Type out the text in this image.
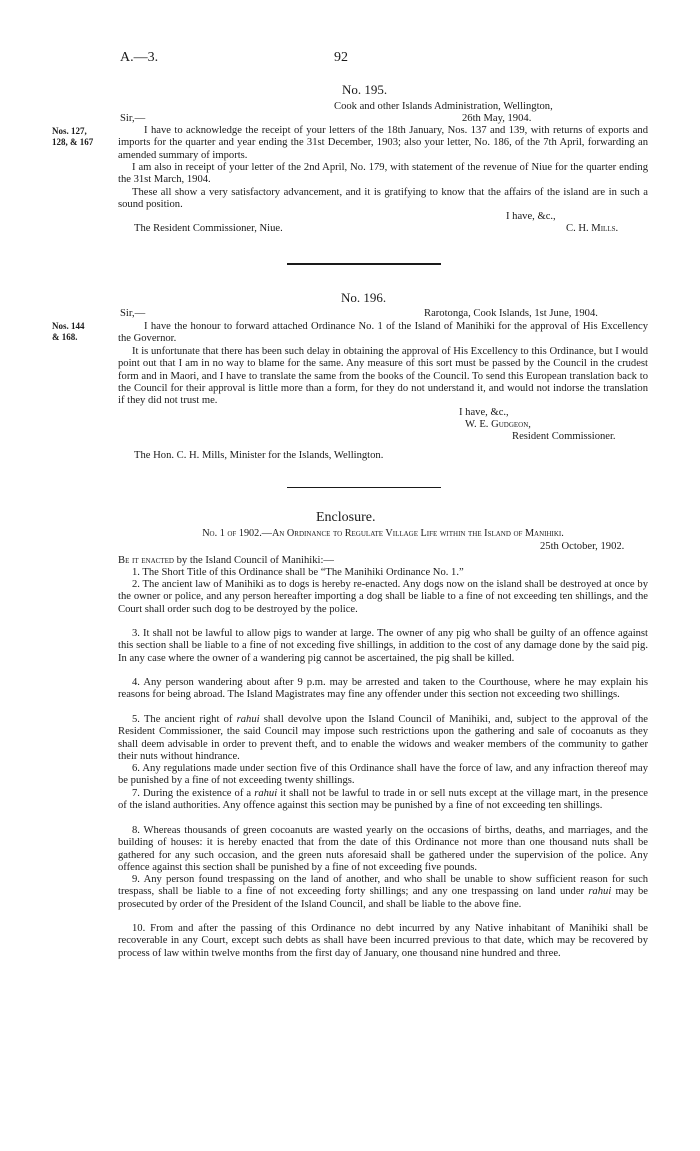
A.—3.	92
No. 195.
Cook and other Islands Administration, Wellington,
Sir,—	26th May, 1904.
Nos. 127,
128, & 167
I have to acknowledge the receipt of your letters of the 18th January, Nos. 137 and 139, with returns of exports and imports for the quarter and year ending the 31st December, 1903; also your letter, No. 186, of the 7th April, forwarding an amended summary of imports.
I am also in receipt of your letter of the 2nd April, No. 179, with statement of the revenue of Niue for the quarter ending the 31st March, 1904.
These all show a very satisfactory advancement, and it is gratifying to know that the affairs of the island are in such a sound position.
I have, &c.,
The Resident Commissioner, Niue.	C. H. Mills.
No. 196.
Sir,—	Rarotonga, Cook Islands, 1st June, 1904.
Nos. 144
& 168.
I have the honour to forward attached Ordinance No. 1 of the Island of Manihiki for the approval of His Excellency the Governor.
It is unfortunate that there has been such delay in obtaining the approval of His Excellency to this Ordinance, but I would point out that I am in no way to blame for the same. Any measure of this sort must be passed by the Council in the crudest form and in Maori, and I have to translate the same from the books of the Council. To send this European translation back to the Council for their approval is little more than a form, for they do not understand it, and would not indorse the translation if they did not trust me.
I have, &c.,
W. E. Gudgeon,
Resident Commissioner.
The Hon. C. H. Mills, Minister for the Islands, Wellington.
Enclosure.
No. 1 of 1902.—An Ordinance to Regulate Village Life within the Island of Manihiki.
25th October, 1902.
Be it enacted by the Island Council of Manihiki:—
1. The Short Title of this Ordinance shall be “The Manihiki Ordinance No. 1.”
2. The ancient law of Manihiki as to dogs is hereby re-enacted. Any dogs now on the island shall be destroyed at once by the owner or police, and any person hereafter importing a dog shall be liable to a fine of not exceeding ten shillings, and the Court shall order such dog to be destroyed by the police.
3. It shall not be lawful to allow pigs to wander at large. The owner of any pig who shall be guilty of an offence against this section shall be liable to a fine of not exceding five shillings, in addition to the cost of any damage done by the said pig. In any case where the owner of a wandering pig cannot be ascertained, the pig shall be killed.
4. Any person wandering about after 9 p.m. may be arrested and taken to the Courthouse, where he may explain his reasons for being abroad. The Island Magistrates may fine any offender under this section not exceeding two shillings.
5. The ancient right of rahui shall devolve upon the Island Council of Manihiki, and, subject to the approval of the Resident Commissioner, the said Council may impose such restrictions upon the gathering and sale of cocoanuts as they shall deem advisable in order to prevent theft, and to enable the widows and weaker members of the community to gather their nuts without hindrance.
6. Any regulations made under section five of this Ordinance shall have the force of law, and any infraction thereof may be punished by a fine of not exceeding twenty shillings.
7. During the existence of a rahui it shall not be lawful to trade in or sell nuts except at the village mart, in the presence of the island authorities. Any offence against this section may be punished by a fine of not exceeding ten shillings.
8. Whereas thousands of green cocoanuts are wasted yearly on the occasions of births, deaths, and marriages, and the building of houses: it is hereby enacted that from the date of this Ordinance not more than one thousand nuts shall be gathered for any such occasion, and the green nuts aforesaid shall be gathered under the supervision of the police. Any offence against this section shall be punished by a fine of not exceeding five pounds.
9. Any person found trespassing on the land of another, and who shall be unable to show sufficient reason for such trespass, shall be liable to a fine of not exceeding forty shillings; and any one trespassing on land under rahui may be prosecuted by order of the President of the Island Council, and shall be liable to the above fine.
10. From and after the passing of this Ordinance no debt incurred by any Native inhabitant of Manihiki shall be recoverable in any Court, except such debts as shall have been incurred previous to that date, which may be recovered by process of law within twelve months from the first day of January, one thousand nine hundred and three.
